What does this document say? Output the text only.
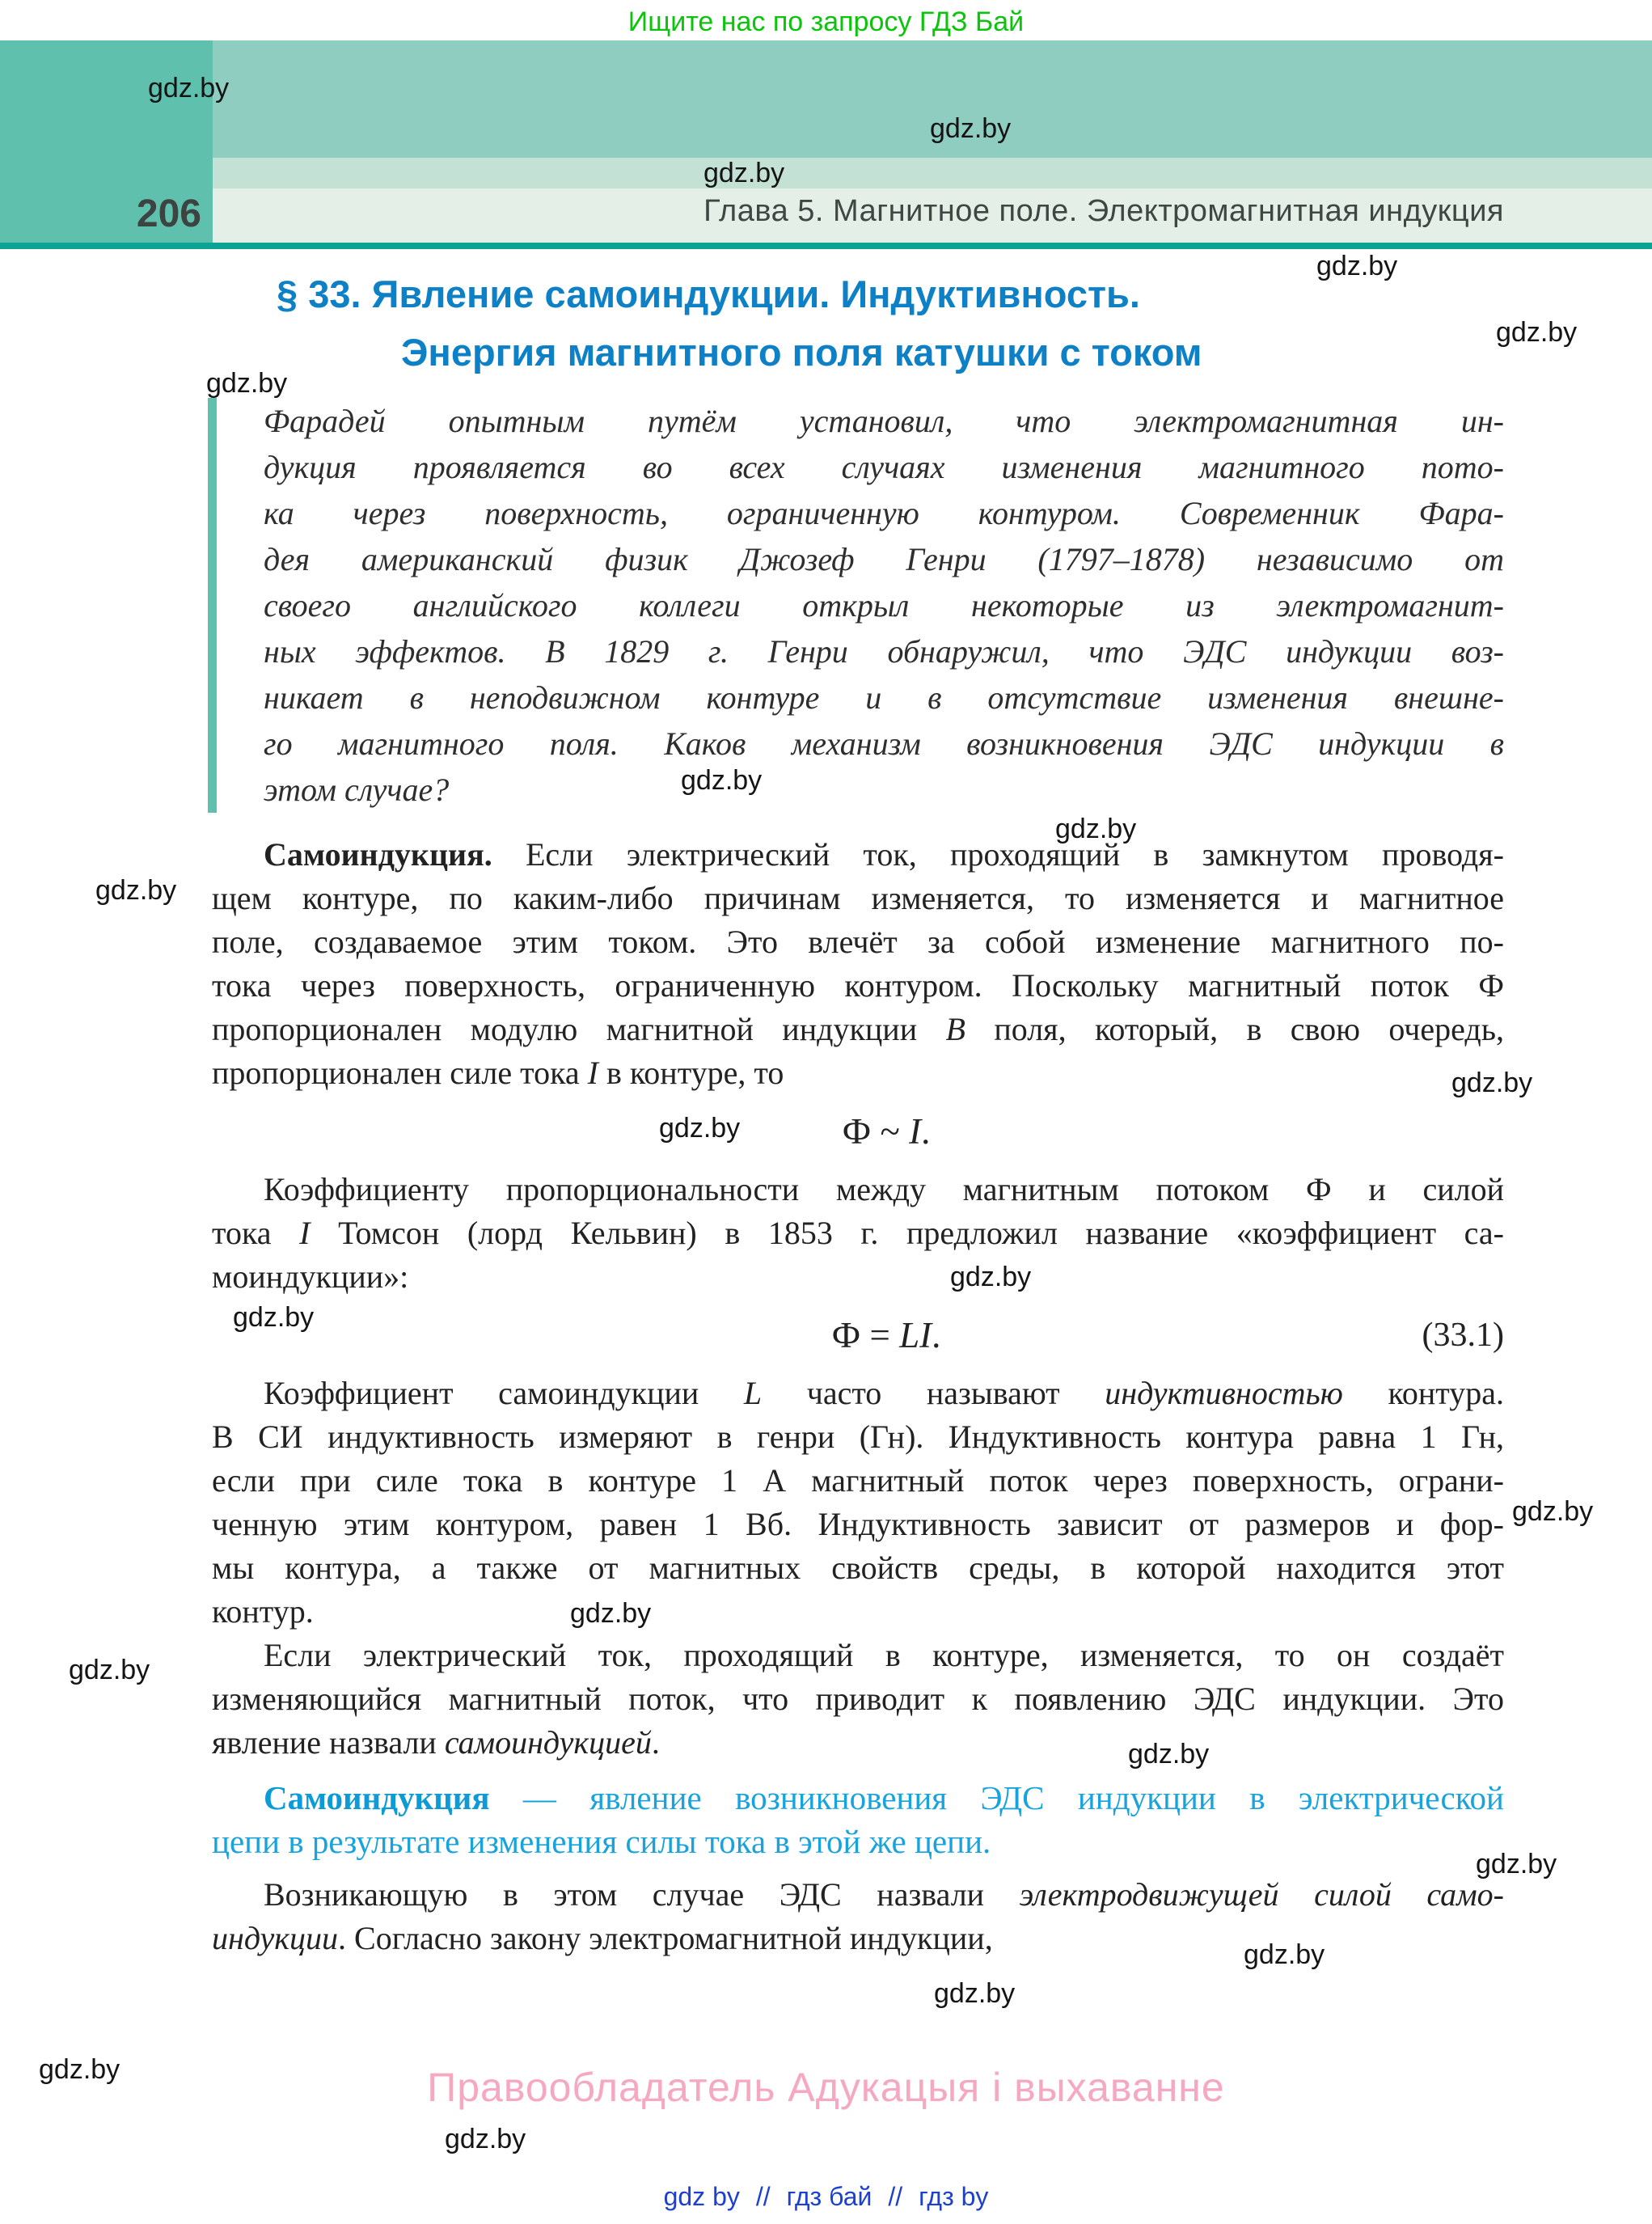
Ищите нас по запросу ГДЗ Бай
206	Глава 5. Магнитное поле. Электромагнитная индукция
§ 33. Явление самоиндукции. Индуктивность.
Энергия магнитного поля катушки с током
Фарадей опытным путём установил, что электромагнитная ин-
дукция проявляется во всех случаях изменения магнитного пото-
ка через поверхность, ограниченную контуром. Современник Фара-
дея американский физик Джозеф Генри (1797–1878) независимо от
своего английского коллеги открыл некоторые из электромагнит-
ных эффектов. В 1829 г. Генри обнаружил, что ЭДС индукции воз-
никает в неподвижном контуре и в отсутствие изменения внешне-
го магнитного поля. Каков механизм возникновения ЭДС индукции в
этом случае?
Самоиндукция. Если электрический ток, проходящий в замкнутом проводя-
щем контуре, по каким-либо причинам изменяется, то изменяется и магнитное
поле, создаваемое этим током. Это влечёт за собой изменение магнитного по-
тока через поверхность, ограниченную контуром. Поскольку магнитный поток Ф
пропорционален модулю магнитной индукции B поля, который, в свою очередь,
пропорционален силе тока I в контуре, то
Ф ~ I.
Коэффициенту пропорциональности между магнитным потоком Ф и силой
тока I Томсон (лорд Кельвин) в 1853 г. предложил название «коэффициент са-
моиндукции»:
Ф = LI.	(33.1)
Коэффициент самоиндукции L часто называют индуктивностью контура.
В СИ индуктивность измеряют в генри (Гн). Индуктивность контура равна 1 Гн,
если при силе тока в контуре 1 А магнитный поток через поверхность, ограни-
ченную этим контуром, равен 1 Вб. Индуктивность зависит от размеров и фор-
мы контура, а также от магнитных свойств среды, в которой находится этот
контур.
Если электрический ток, проходящий в контуре, изменяется, то он создаёт
изменяющийся магнитный поток, что приводит к появлению ЭДС индукции. Это
явление назвали самоиндукцией.
Самоиндукция — явление возникновения ЭДС индукции в электрической
цепи в результате изменения силы тока в этой же цепи.
Возникающую в этом случае ЭДС назвали электродвижущей силой само-
индукции. Согласно закону электромагнитной индукции,
Правообладатель Адукацыя і выхаванне
gdz by // гдз бай // гдз by
gdz.by
gdz.by
gdz.by
gdz.by
gdz.by
gdz.by
gdz.by
gdz.by
gdz.by
gdz.by
gdz.by
gdz.by
gdz.by
gdz.by
gdz.by
gdz.by
gdz.by
gdz.by
gdz.by
gdz.by
gdz.by
gdz.by
